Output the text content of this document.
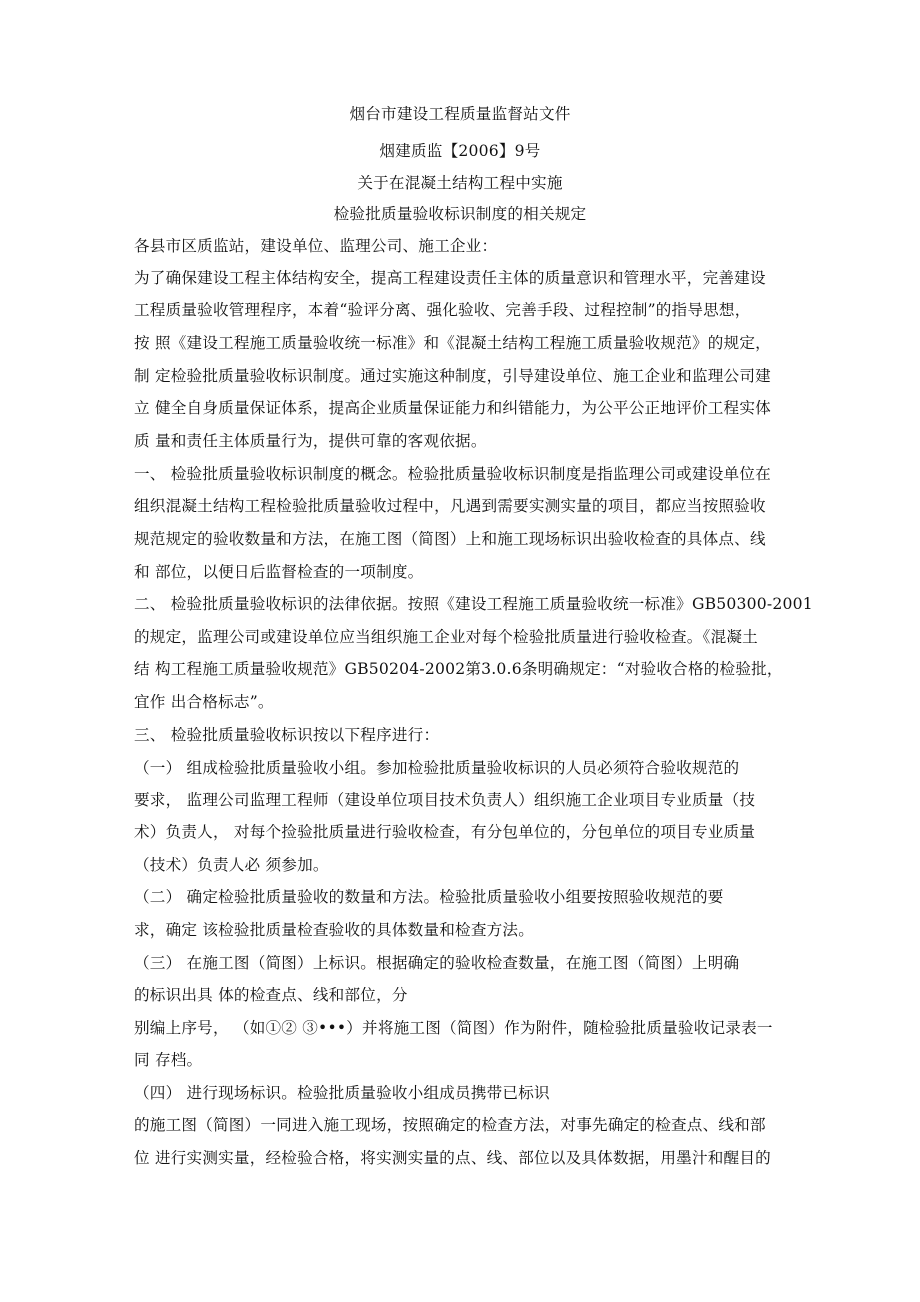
烟台市建设工程质量监督站文件
烟建质监【2006】9号
关于在混凝土结构工程中实施
检验批质量验收标识制度的相关规定
各县市区质监站，建设单位、监理公司、施工企业：
为了确保建设工程主体结构安全，提高工程建设责任主体的质量意识和管理水平，完善建设
工程质量验收管理程序，本着“验评分离、强化验收、完善手段、过程控制”的指导思想，
按 照《建设工程施工质量验收统一标准》和《混凝土结构工程施工质量验收规范》的规定，
制 定检验批质量验收标识制度。通过实施这种制度，引导建设单位、施工企业和监理公司建
立 健全自身质量保证体系，提高企业质量保证能力和纠错能力，为公平公正地评价工程实体
质 量和责任主体质量行为，提供可靠的客观依据。
一、 检验批质量验收标识制度的概念。检验批质量验收标识制度是指监理公司或建设单位在
组织混凝土结构工程检验批质量验收过程中，凡遇到需要实测实量的项目，都应当按照验收
规范规定的验收数量和方法，在施工图（简图）上和施工现场标识出验收检查的具体点、线
和 部位，以便日后监督检查的一项制度。
二、 检验批质量验收标识的法律依据。按照《建设工程施工质量验收统一标准》GB50300-2001
的规定，监理公司或建设单位应当组织施工企业对每个检验批质量进行验收检查。《混凝土
结 构工程施工质量验收规范》GB50204-2002第3.0.6条明确规定：“对验收合格的检验批，
宜作 出合格标志”。
三、 检验批质量验收标识按以下程序进行：
（一） 组成检验批质量验收小组。参加检验批质量验收标识的人员必须符合验收规范的
要求， 监理公司监理工程师（建设单位项目技术负责人）组织施工企业项目专业质量（技
术）负责人， 对每个捡验批质量进行验收检查，有分包单位的，分包单位的项目专业质量
（技术）负责人必 须参加。
（二） 确定检验批质量验收的数量和方法。检验批质量验收小组要按照验收规范的要
求，确定 该检验批质量检查验收的具体数量和检查方法。
（三） 在施工图（简图）上标识。根据确定的验收检查数量，在施工图（简图）上明确
的标识出具 体的检查点、线和部位，分
别编上序号， （如①② ③•••）并将施工图（简图）作为附件，随检验批质量验收记录表一
同 存档。
（四） 进行现场标识。检验批质量验收小组成员携带已标识
的施工图（简图）一同进入施工现场，按照确定的检查方法，对事先确定的检查点、线和部
位 进行实测实量，经检验合格，将实测实量的点、线、部位以及具体数据，用墨汁和醒目的
